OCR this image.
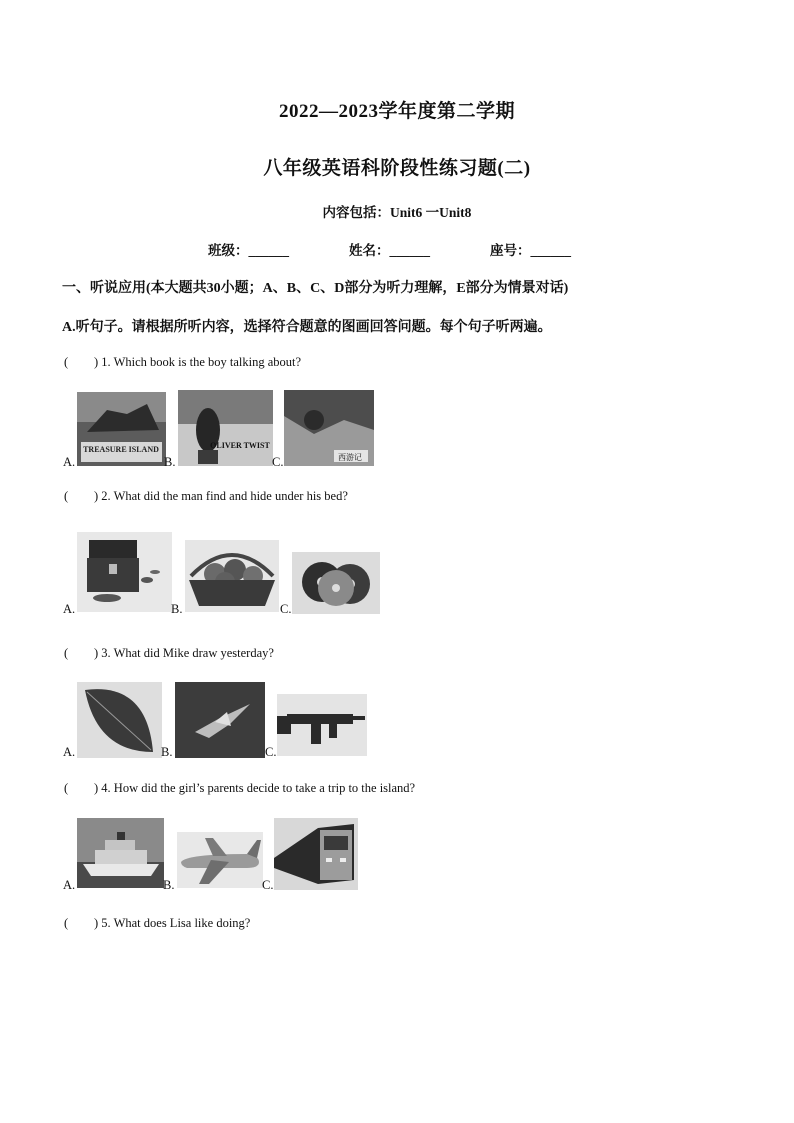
2022—2023学年度第二学期
八年级英语科阶段性练习题(二)
内容包括：Unit6 一Unit8
班级：______	姓名：______	座号：______
一、听说应用(本大题共30小题；A、B、C、D部分为听力理解，E部分为情景对话)
A.听句子。请根据所听内容，选择符合题意的图画回答问题。每个句子听两遍。
( ) 1. Which book is the boy talking about?
A.
TREASURE ISLAND
B.
OLIVER TWIST
C.	西游记
( ) 2. What did the man find and hide under his bed?
A.	B.	C.
( ) 3. What did Mike draw yesterday?
A.	B.	C.
( ) 4. How did the girl’s parents decide to take a trip to the island?
A.	B.	C.
( ) 5. What does Lisa like doing?
